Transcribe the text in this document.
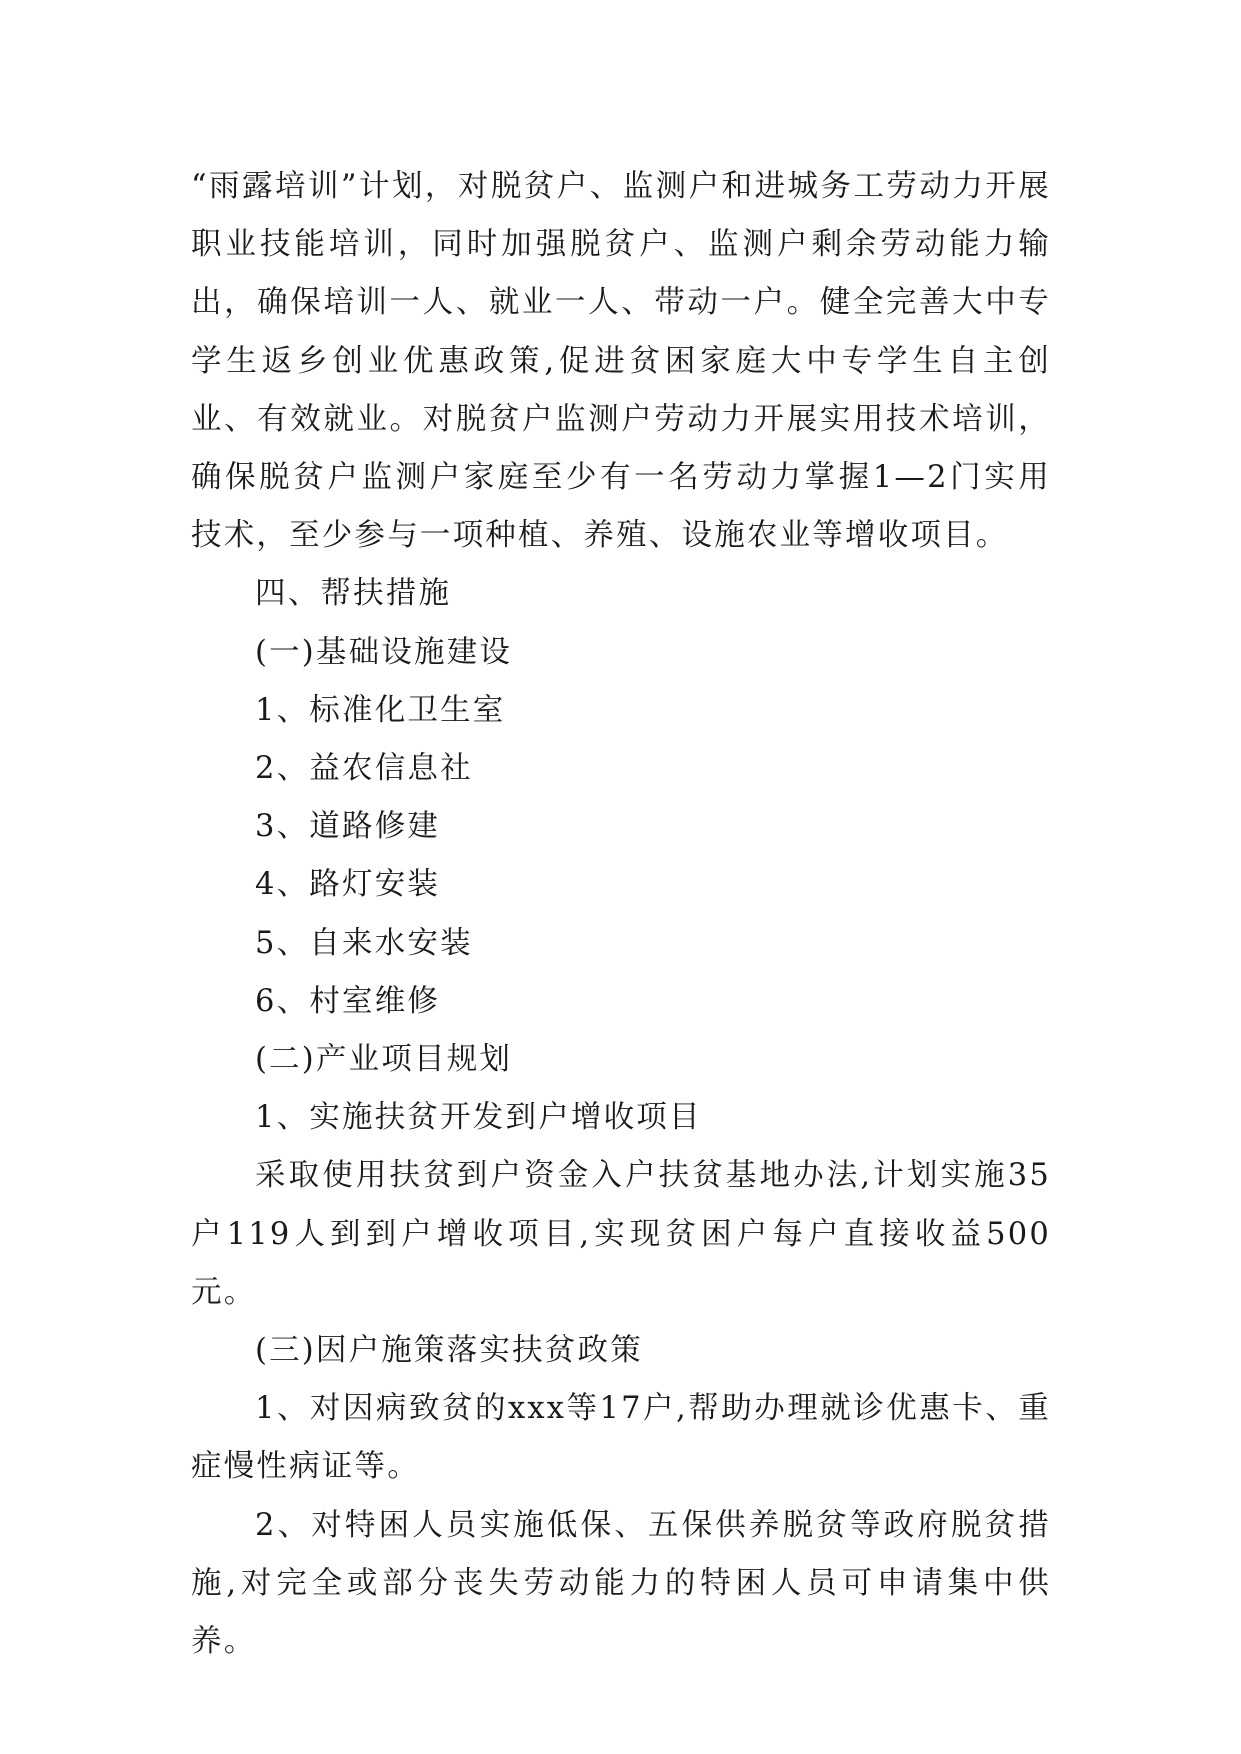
“雨露培训”计划，对脱贫户、监测户和进城务工劳动力开展职业技能培训，同时加强脱贫户、监测户剩余劳动能力输出，确保培训一人、就业一人、带动一户。健全完善大中专学生返乡创业优惠政策,促进贫困家庭大中专学生自主创业、有效就业。对脱贫户监测户劳动力开展实用技术培训，确保脱贫户监测户家庭至少有一名劳动力掌握1—2门实用技术，至少参与一项种植、养殖、设施农业等增收项目。

四、帮扶措施

(一)基础设施建设

1、标准化卫生室

2、益农信息社

3、道路修建

4、路灯安装

5、自来水安装

6、村室维修

(二)产业项目规划

1、实施扶贫开发到户增收项目

采取使用扶贫到户资金入户扶贫基地办法,计划实施35户119人到到户增收项目,实现贫困户每户直接收益500元。

(三)因户施策落实扶贫政策

1、对因病致贫的xxx等17户,帮助办理就诊优惠卡、重症慢性病证等。

2、对特困人员实施低保、五保供养脱贫等政府脱贫措施,对完全或部分丧失劳动能力的特困人员可申请集中供养。
